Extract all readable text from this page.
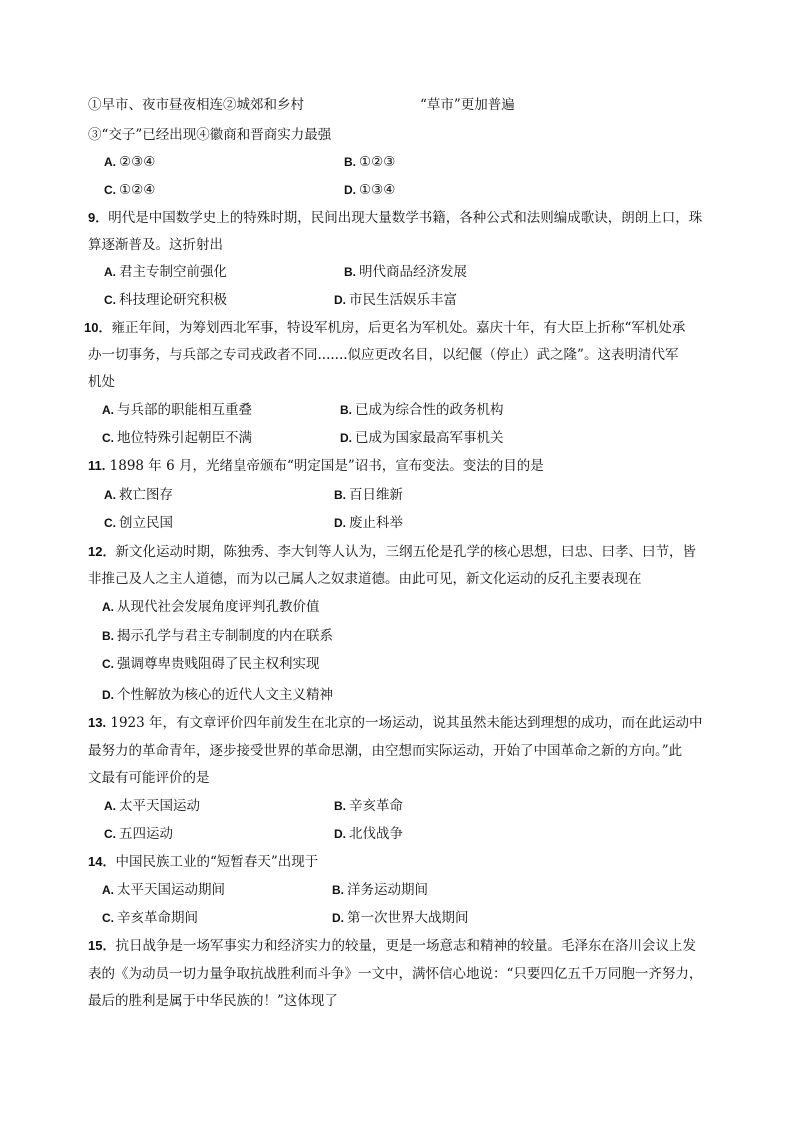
①早市、夜市昼夜相连②城郊和乡村	“草市”更加普遍
③“交子”已经出现④徽商和晋商实力最强
A. ②③④	B. ①②③
C. ①②④	D. ①③④
9．明代是中国数学史上的特殊时期，民间出现大量数学书籍，各种公式和法则编成歌诀，朗朗上口，珠
算逐渐普及。这折射出
A. 君主专制空前强化	B. 明代商品经济发展
C. 科技理论研究积极	D. 市民生活娱乐丰富
10．雍正年间，为筹划西北军事，特设军机房，后更名为军机处。嘉庆十年，有大臣上折称“军机处承
办一切事务，与兵部之专司戎政者不同.......似应更改名目，以纪偃（停止）武之隆”。这表明清代军
机处
A. 与兵部的职能相互重叠	B. 已成为综合性的政务机构
C. 地位特殊引起朝臣不满	D. 已成为国家最高军事机关
11. 1898 年 6 月，光绪皇帝颁布“明定国是”诏书，宣布变法。变法的目的是
A. 救亡图存	B. 百日维新
C. 创立民国	D. 废止科举
12．新文化运动时期，陈独秀、李大钊等人认为，三纲五伦是孔学的核心思想，曰忠、曰孝、曰节，皆
非推己及人之主人道德，而为以己属人之奴隶道德。由此可见，新文化运动的反孔主要表现在
A. 从现代社会发展角度评判孔教价值
B. 揭示孔学与君主专制制度的内在联系
C. 强调尊卑贵贱阻碍了民主权利实现
D. 个性解放为核心的近代人文主义精神
13. 1923 年，有文章评价四年前发生在北京的一场运动，说其虽然未能达到理想的成功，而在此运动中
最努力的革命青年，逐步接受世界的革命思潮，由空想而实际运动，开始了中国革命之新的方向。”此
文最有可能评价的是
A. 太平天国运动	B. 辛亥革命
C. 五四运动	D. 北伐战争
14．中国民族工业的“短暂春天”出现于
A. 太平天国运动期间	B. 洋务运动期间
C. 辛亥革命期间	D. 第一次世界大战期间
15．抗日战争是一场军事实力和经济实力的较量，更是一场意志和精神的较量。毛泽东在洛川会议上发
表的《为动员一切力量争取抗战胜利而斗争》一文中，满怀信心地说：“只要四亿五千万同胞一齐努力，
最后的胜利是属于中华民族的！”这体现了
